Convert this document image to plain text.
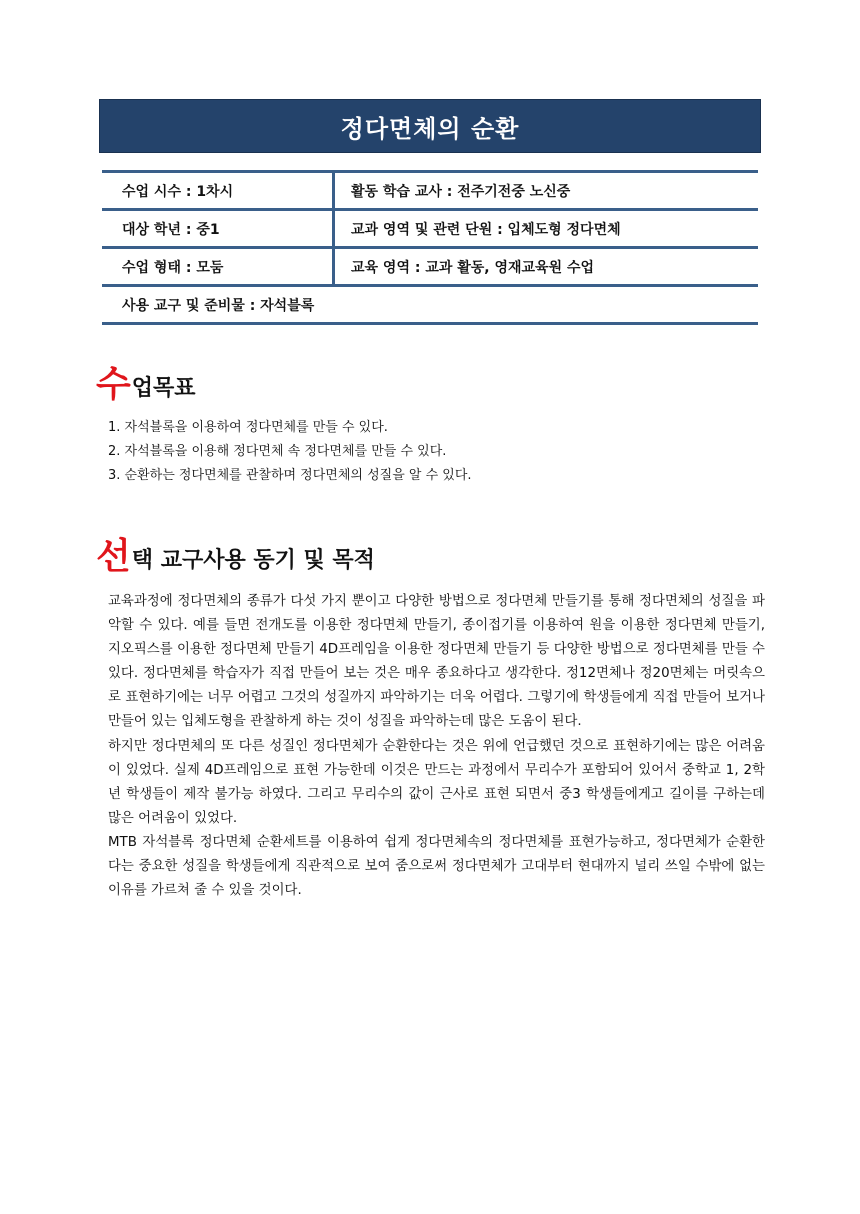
정다면체의 순환
수업 시수 : 1차시	활동 학습 교사 : 전주기전중 노신중
대상 학년 : 중1	교과 영역 및 관련 단원 : 입체도형 정다면체
수업 형태 : 모둠	교육 영역 : 교과 활동, 영재교육원 수업
사용 교구 및 준비물 : 자석블록
수 업목표
1. 자석블록을 이용하여 정다면체를 만들 수 있다.
2. 자석블록을 이용해 정다면체 속 정다면체를 만들 수 있다.
3. 순환하는 정다면체를 관찰하며 정다면체의 성질을 알 수 있다.
선 택 교구사용 동기 및 목적

교육과정에 정다면체의 종류가 다섯 가지 뿐이고 다양한 방법으로 정다면체 만들기를 통해 정다면체의 성질을 파악할 수 있다. 예를 들면 전개도를 이용한 정다면체 만들기, 종이접기를 이용하여 원을 이용한 정다면체 만들기, 지오픽스를 이용한 정다면체 만들기 4D프레임을 이용한 정다면체 만들기 등 다양한 방법으로 정다면체를 만들 수 있다. 정다면체를 학습자가 직접 만들어 보는 것은 매우 종요하다고 생각한다. 정12면체나 정20면체는 머릿속으로 표현하기에는 너무 어렵고 그것의 성질까지 파악하기는 더욱 어렵다. 그렇기에 학생들에게 직접 만들어 보거나 만들어 있는 입체도형을 관찰하게 하는 것이 성질을 파악하는데 많은 도움이 된다.

하지만 정다면체의 또 다른 성질인 정다면체가 순환한다는 것은 위에 언급했던 것으로 표현하기에는 많은 어려움이 있었다. 실제 4D프레임으로 표현 가능한데 이것은 만드는 과정에서 무리수가 포함되어 있어서 중학교 1, 2학년 학생들이 제작 불가능 하였다. 그리고 무리수의 값이 근사로 표현 되면서 중3 학생들에게고 길이를 구하는데 많은 어려움이 있었다.

MTB 자석블록 정다면체 순환세트를 이용하여 쉽게 정다면체속의 정다면체를 표현가능하고, 정다면체가 순환한다는 중요한 성질을 학생들에게 직관적으로 보여 줌으로써 정다면체가 고대부터 현대까지 널리 쓰일 수밖에 없는 이유를 가르쳐 줄 수 있을 것이다.
